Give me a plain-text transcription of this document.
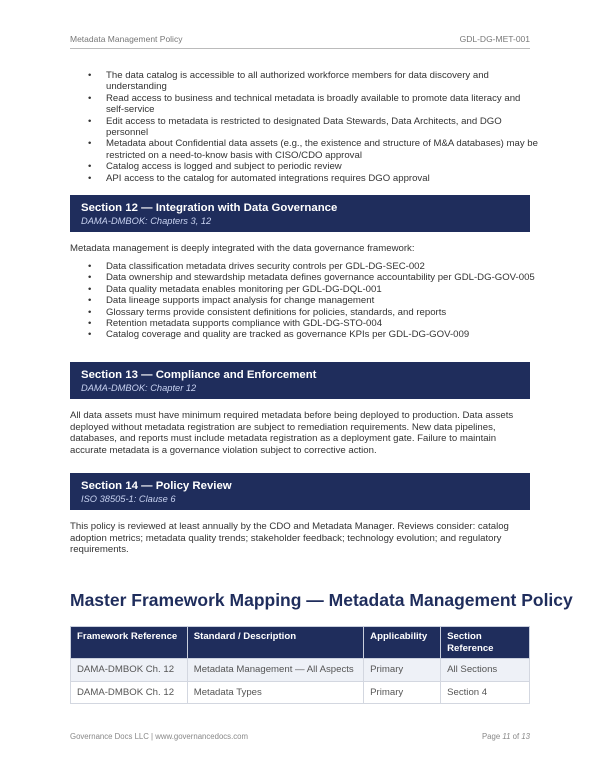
Metadata Management Policy	GDL-DG-MET-001
• The data catalog is accessible to all authorized workforce members for data discovery and understanding
• Read access to business and technical metadata is broadly available to promote data literacy and self-service
• Edit access to metadata is restricted to designated Data Stewards, Data Architects, and DGO personnel
• Metadata about Confidential data assets (e.g., the existence and structure of M&A databases) may be restricted on a need-to-know basis with CISO/CDO approval
• Catalog access is logged and subject to periodic review
• API access to the catalog for automated integrations requires DGO approval
Section 12 — Integration with Data Governance
DAMA-DMBOK: Chapters 3, 12

Metadata management is deeply integrated with the data governance framework:

• Data classification metadata drives security controls per GDL-DG-SEC-002
• Data ownership and stewardship metadata defines governance accountability per GDL-DG-GOV-005
• Data quality metadata enables monitoring per GDL-DG-DQL-001
• Data lineage supports impact analysis for change management
• Glossary terms provide consistent definitions for policies, standards, and reports
• Retention metadata supports compliance with GDL-DG-STO-004
• Catalog coverage and quality are tracked as governance KPIs per GDL-DG-GOV-009
Section 13 — Compliance and Enforcement
DAMA-DMBOK: Chapter 12

All data assets must have minimum required metadata before being deployed to production. Data assets deployed without metadata registration are subject to remediation requirements. New data pipelines, databases, and reports must include metadata registration as a deployment gate. Failure to maintain accurate metadata is a governance violation subject to corrective action.

Section 14 — Policy Review
ISO 38505-1: Clause 6

This policy is reviewed at least annually by the CDO and Metadata Manager. Reviews consider: catalog adoption metrics; metadata quality trends; stakeholder feedback; technology evolution; and regulatory requirements.

Master Framework Mapping — Metadata Management Policy
Framework Reference	Standard / Description	Applicability	Section Reference
DAMA-DMBOK Ch. 12	Metadata Management — All Aspects	Primary	All Sections
DAMA-DMBOK Ch. 12	Metadata Types	Primary	Section 4
Governance Docs LLC | www.governancedocs.com	Page 11 of 13
